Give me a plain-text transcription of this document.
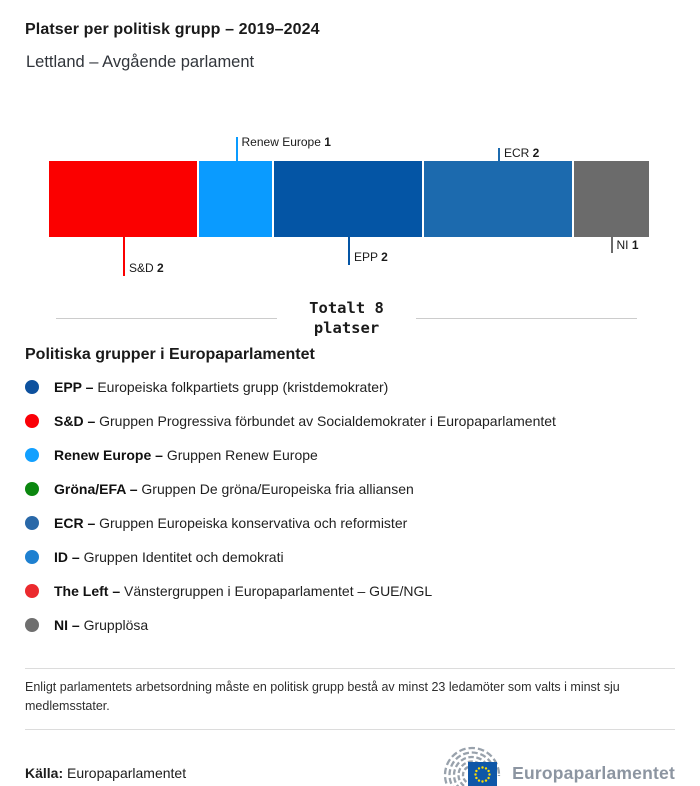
Platser per politisk grupp – 2019–2024
Lettland – Avgående parlament
S&D 2
Renew Europe 1
EPP 2
ECR 2
NI 1
Totalt 8
platser
Politiska grupper i Europaparlamentet
EPP – Europeiska folkpartiets grupp (kristdemokrater)
S&D – Gruppen Progressiva förbundet av Socialdemokrater i Europaparlamentet
Renew Europe – Gruppen Renew Europe
Gröna/EFA – Gruppen De gröna/Europeiska fria alliansen
ECR – Gruppen Europeiska konservativa och reformister
ID – Gruppen Identitet och demokrati
The Left – Vänstergruppen i Europaparlamentet – GUE/NGL
NI – Grupplösa

Enligt parlamentets arbetsordning måste en politisk grupp bestå av minst 23 ledamöter som valts i minst sju medlemsstater.

Källa: Europaparlamentet	Europaparlamentet
